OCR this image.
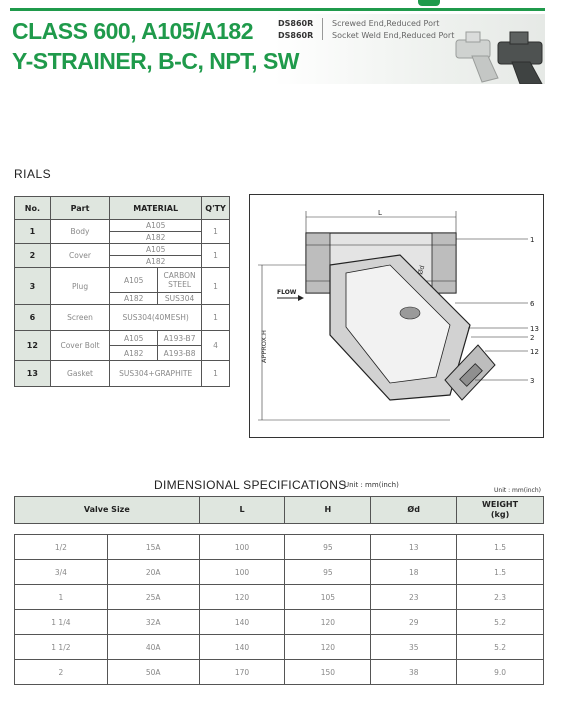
CLASS 600, A105/A182
Y-STRAINER, B-C, NPT, SW
DS860R
DS860R
Screwed End,Reduced Port
Socket Weld End,Reduced Port
RIALS
No.	Part	MATERIAL		Q'TY
1	Body	A105		1
		A182		
2	Cover	A105		1
		A182		
3	Plug	A105	CARBON STEEL	1
		A182	SUS304	
6	Screen	SUS304(40MESH)		1
12	Cover Bolt	A105	A193-B7	4
		A182	A193-B8	
13	Gasket	SUS304+GRAPHITE		1
L
APPROX.H
FLOW
Ød
1
6
13
2
12
3
DIMENSIONAL SPECIFICATIONS
Unit : mm(inch)
Unit : mm(inch)
Valve Size	L	H	Ød	WEIGHT
(kg)
1/2	15A	100	95	13	1.5
3/4	20A	100	95	18	1.5
1	25A	120	105	23	2.3
1 1/4	32A	140	120	29	5.2
1 1/2	40A	140	120	35	5.2
2	50A	170	150	38	9.0
